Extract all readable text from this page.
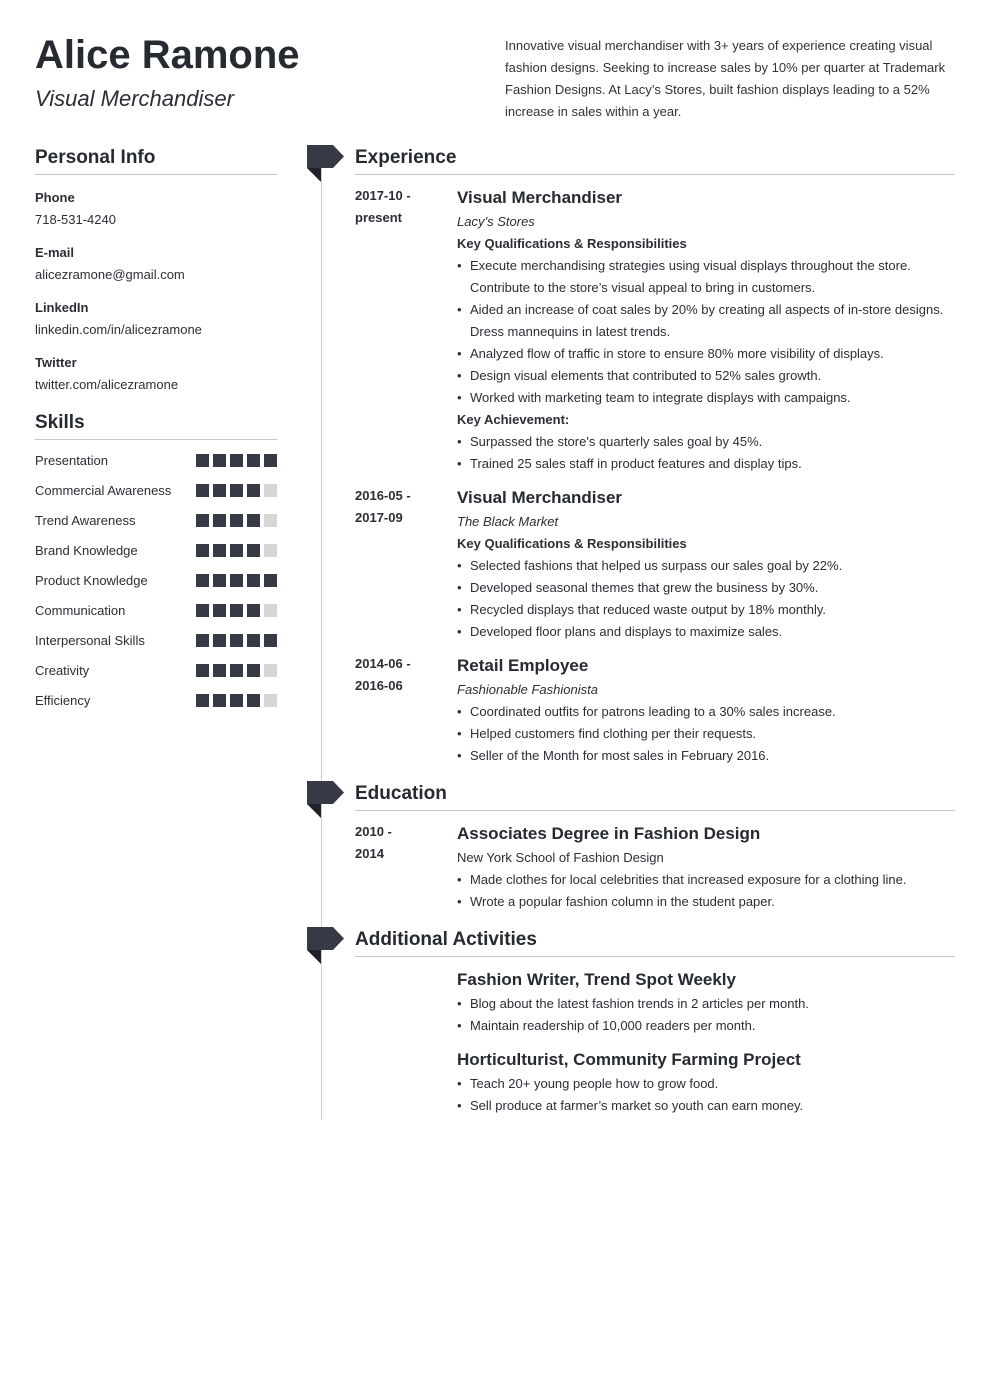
Alice Ramone
Visual Merchandiser
Innovative visual merchandiser with 3+ years of experience creating visual fashion designs. Seeking to increase sales by 10% per quarter at Trademark Fashion Designs. At Lacy’s Stores, built fashion displays leading to a 52% increase in sales within a year.
Personal Info
Phone
718-531-4240
E-mail
alicezramone@gmail.com
LinkedIn
linkedin.com/in/alicezramone
Twitter
twitter.com/alicezramone
Skills
Presentation
Commercial Awareness
Trend Awareness
Brand Knowledge
Product Knowledge
Communication
Interpersonal Skills
Creativity
Efficiency
Experience
2017-10 -
present
Visual Merchandiser
Lacy’s Stores
Key Qualifications & Responsibilities
• Execute merchandising strategies using visual displays throughout the store. Contribute to the store’s visual appeal to bring in customers.
• Aided an increase of coat sales by 20% by creating all aspects of in-store designs. Dress mannequins in latest trends.
• Analyzed flow of traffic in store to ensure 80% more visibility of displays.
• Design visual elements that contributed to 52% sales growth.
• Worked with marketing team to integrate displays with campaigns.
Key Achievement:
• Surpassed the store's quarterly sales goal by 45%.
• Trained 25 sales staff in product features and display tips.
2016-05 -
2017-09
Visual Merchandiser
The Black Market
Key Qualifications & Responsibilities
• Selected fashions that helped us surpass our sales goal by 22%.
• Developed seasonal themes that grew the business by 30%.
• Recycled displays that reduced waste output by 18% monthly.
• Developed floor plans and displays to maximize sales.
2014-06 -
2016-06
Retail Employee
Fashionable Fashionista
• Coordinated outfits for patrons leading to a 30% sales increase.
• Helped customers find clothing per their requests.
• Seller of the Month for most sales in February 2016.
Education
2010 -
2014
Associates Degree in Fashion Design
New York School of Fashion Design
• Made clothes for local celebrities that increased exposure for a clothing line.
• Wrote a popular fashion column in the student paper.
Additional Activities
Fashion Writer, Trend Spot Weekly
• Blog about the latest fashion trends in 2 articles per month.
• Maintain readership of 10,000 readers per month.
Horticulturist, Community Farming Project
• Teach 20+ young people how to grow food.
• Sell produce at farmer’s market so youth can earn money.
